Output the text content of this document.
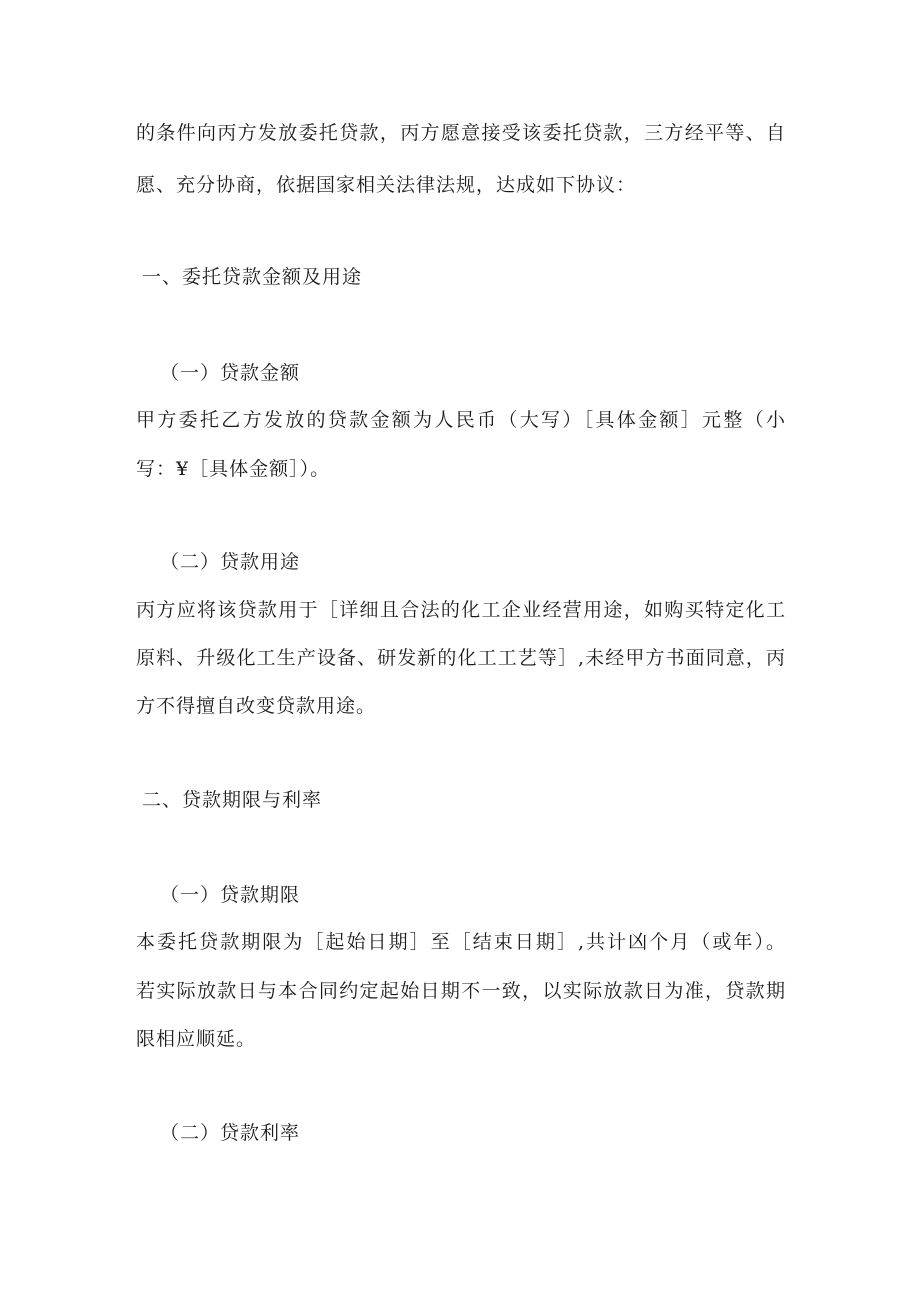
的条件向丙方发放委托贷款，丙方愿意接受该委托贷款，三方经平等、自
愿、充分协商，依据国家相关法律法规，达成如下协议：
一、委托贷款金额及用途
（一）贷款金额
甲方委托乙方发放的贷款金额为人民币（大写）［具体金额］元整（小
写：¥［具体金额］）。
（二）贷款用途
丙方应将该贷款用于［详细且合法的化工企业经营用途，如购买特定化工
原料、升级化工生产设备、研发新的化工工艺等］,未经甲方书面同意，丙
方不得擅自改变贷款用途。
二、贷款期限与利率
（一）贷款期限
本委托贷款期限为［起始日期］至［结束日期］,共计凶个月（或年）。
若实际放款日与本合同约定起始日期不一致，以实际放款日为准，贷款期
限相应顺延。
（二）贷款利率
